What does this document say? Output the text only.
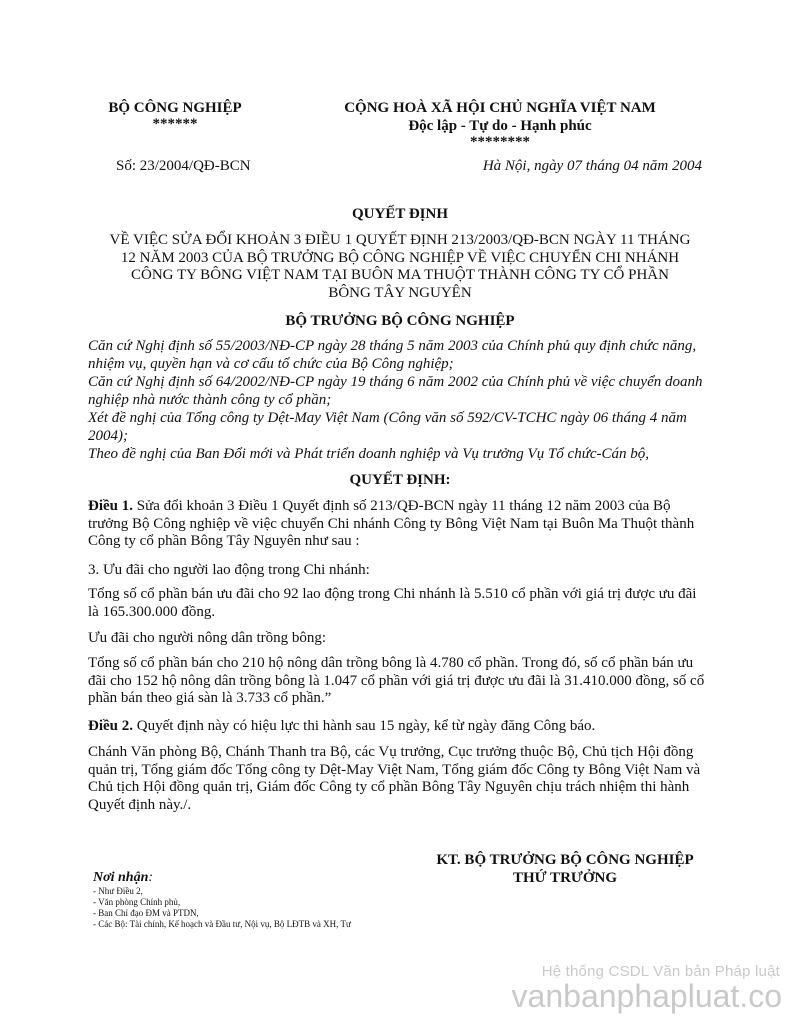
BỘ CÔNG NGHIỆP
******
CỘNG HOÀ XÃ HỘI CHỦ NGHĨA VIỆT NAM
Độc lập - Tự do - Hạnh phúc
********
Số: 23/2004/QĐ-BCN	Hà Nội, ngày 07 tháng 04 năm 2004
QUYẾT ĐỊNH
VỀ VIỆC SỬA ĐỔI KHOẢN 3 ĐIỀU 1 QUYẾT ĐỊNH 213/2003/QĐ-BCN NGÀY 11 THÁNG
12 NĂM 2003 CỦA BỘ TRƯỞNG BỘ CÔNG NGHIỆP VỀ VIỆC CHUYỂN CHI NHÁNH
CÔNG TY BÔNG VIỆT NAM TẠI BUÔN MA THUỘT THÀNH CÔNG TY CỔ PHẦN
BÔNG TÂY NGUYÊN
BỘ TRƯỞNG BỘ CÔNG NGHIỆP

Căn cứ Nghị định số 55/2003/NĐ-CP ngày 28 tháng 5 năm 2003 của Chính phủ quy định chức năng, nhiệm vụ, quyền hạn và cơ cấu tổ chức của Bộ Công nghiệp;

Căn cứ Nghị định số 64/2002/NĐ-CP ngày 19 tháng 6 năm 2002 của Chính phủ về việc chuyển doanh nghiệp nhà nước thành công ty cổ phần;

Xét đề nghị của Tổng công ty Dệt-May Việt Nam (Công văn số 592/CV-TCHC ngày 06 tháng 4 năm 2004);

Theo đề nghị của Ban Đổi mới và Phát triển doanh nghiệp và Vụ trưởng Vụ Tổ chức-Cán bộ,

QUYẾT ĐỊNH:

Điều 1. Sửa đổi khoản 3 Điều 1 Quyết định số 213/QĐ-BCN ngày 11 tháng 12 năm 2003 của Bộ trưởng Bộ Công nghiệp về việc chuyển Chi nhánh Công ty Bông Việt Nam tại Buôn Ma Thuột thành Công ty cổ phần Bông Tây Nguyên như sau :

3. Ưu đãi cho người lao động trong Chi nhánh:

Tổng số cổ phần bán ưu đãi cho 92 lao động trong Chi nhánh là 5.510 cổ phần với giá trị được ưu đãi là 165.300.000 đồng.

Ưu đãi cho người nông dân trồng bông:

Tổng số cổ phần bán cho 210 hộ nông dân trồng bông là 4.780 cổ phần. Trong đó, số cổ phần bán ưu đãi cho 152 hộ nông dân trồng bông là 1.047 cổ phần với giá trị được ưu đãi là 31.410.000 đồng, số cổ phần bán theo giá sàn là 3.733 cổ phần.”

Điều 2. Quyết định này có hiệu lực thi hành sau 15 ngày, kể từ ngày đăng Công báo.

Chánh Văn phòng Bộ, Chánh Thanh tra Bộ, các Vụ trưởng, Cục trưởng thuộc Bộ, Chủ tịch Hội đồng quản trị, Tổng giám đốc Tổng công ty Dệt-May Việt Nam, Tổng giám đốc Công ty Bông Việt Nam và Chủ tịch Hội đồng quản trị, Giám đốc Công ty cổ phần Bông Tây Nguyên chịu trách nhiệm thi hành Quyết định này./.

KT. BỘ TRƯỞNG BỘ CÔNG NGHIỆP
THỨ TRƯỞNG
Nơi nhận:
- Như Điều 2,
- Văn phòng Chính phủ,
- Ban Chỉ đạo ĐM và PTDN,
- Các Bộ: Tài chính, Kế hoạch và Đầu tư, Nội vụ, Bộ LĐTB và XH, Tư
Hệ thống CSDL Văn bản Pháp luật
vanbanphapluat.co
